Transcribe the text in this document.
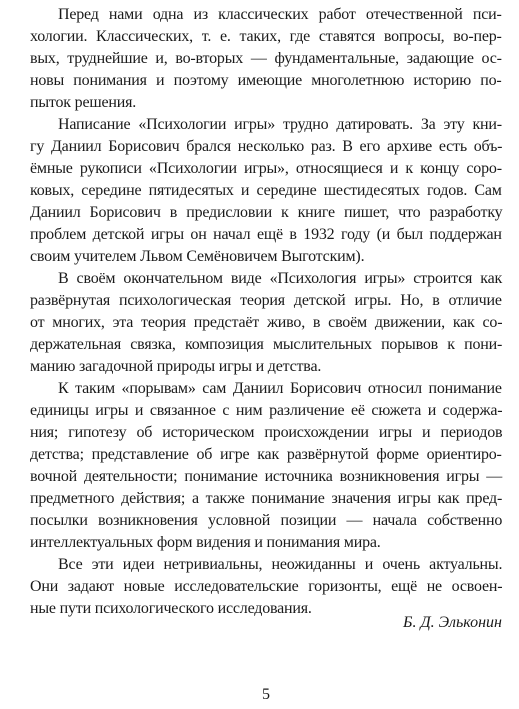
Перед нами одна из классических работ отечественной пси-
хологии. Классических, т. е. таких, где ставятся вопросы, во-пер-
вых, труднейшие и, во-вторых — фундаментальные, задающие ос-
новы понимания и поэтому имеющие многолетнюю историю по-
пыток решения.
Написание «Психологии игры» трудно датировать. За эту кни-
гу Даниил Борисович брался несколько раз. В его архиве есть объ-
ёмные рукописи «Психологии игры», относящиеся и к концу соро-
ковых, середине пятидесятых и середине шестидесятых годов. Сам
Даниил Борисович в предисловии к книге пишет, что разработку
проблем детской игры он начал ещё в 1932 году (и был поддержан
своим учителем Львом Семёновичем Выготским).
В своём окончательном виде «Психология игры» строится как
развёрнутая психологическая теория детской игры. Но, в отличие
от многих, эта теория предстаёт живо, в своём движении, как со-
держательная связка, композиция мыслительных порывов к пони-
манию загадочной природы игры и детства.
К таким «порывам» сам Даниил Борисович относил понимание
единицы игры и связанное с ним различение её сюжета и содержа-
ния; гипотезу об историческом происхождении игры и периодов
детства; представление об игре как развёрнутой форме ориентиро-
вочной деятельности; понимание источника возникновения игры —
предметного действия; а также понимание значения игры как пред-
посылки возникновения условной позиции — начала собственно
интеллектуальных форм видения и понимания мира.
Все эти идеи нетривиальны, неожиданны и очень актуальны.
Они задают новые исследовательские горизонты, ещё не освоен-
ные пути психологического исследования.
Б. Д. Эльконин
5
